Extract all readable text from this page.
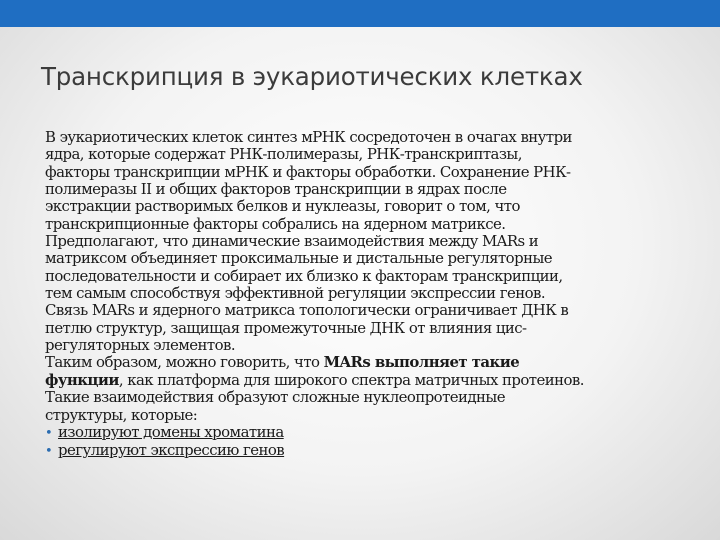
Транскрипция в эукариотических клетках
В эукариотических клеток синтез мРНК сосредоточен в очагах внутри
ядра, которые содержат РНК-полимеразы, РНК-транскриптазы,
факторы транскрипции мРНК и факторы обработки. Сохранение РНК-
полимеразы II и общих факторов транскрипции в ядрах после
экстракции растворимых белков и нуклеазы, говорит о том, что
транскрипционные факторы собрались на ядерном матриксе.
Предполагают, что динамические взаимодействия между MARs и
матриксом объединяет проксимальные и дистальные регуляторные
последовательности и собирает их близко к факторам транскрипции,
тем самым способствуя эффективной регуляции экспрессии генов.
Связь MARs и ядерного матрикса топологически ограничивает ДНК в
петлю структур, защищая промежуточные ДНК от влияния цис-
регуляторных элементов.
Таким образом, можно говорить, что MARs выполняет такие
функции, как платформа для широкого спектра матричных протеинов.
Такие взаимодействия образуют сложные нуклеопротеидные
структуры, которые:
• изолируют домены хроматина
• регулируют экспрессию генов
